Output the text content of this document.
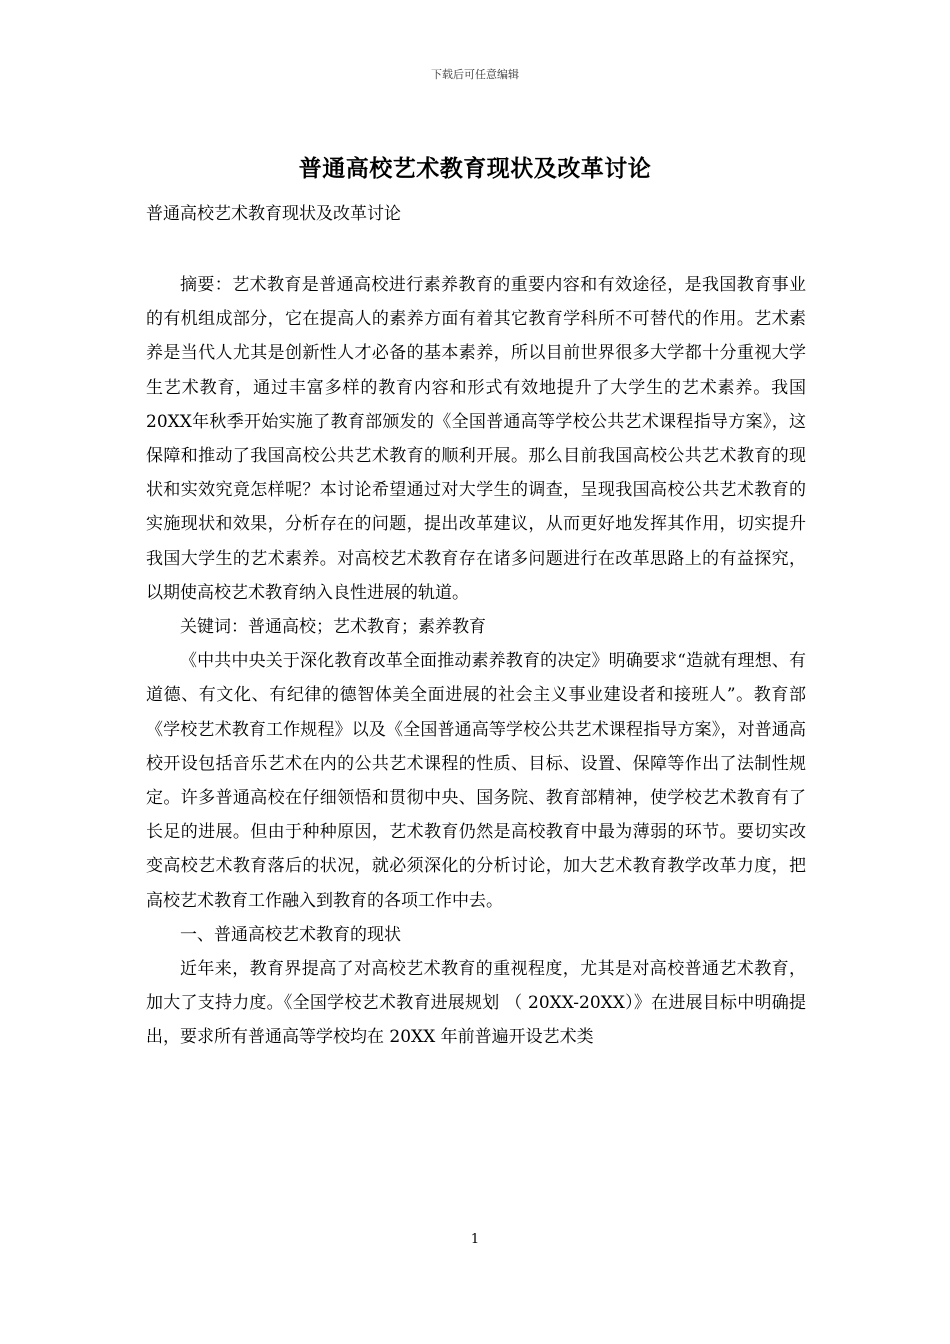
下载后可任意编辑
普通高校艺术教育现状及改革讨论

普通高校艺术教育现状及改革讨论

摘要：艺术教育是普通高校进行素养教育的重要内容和有效途径，是我国教育事业的有机组成部分，它在提高人的素养方面有着其它教育学科所不可替代的作用。艺术素养是当代人尤其是创新性人才必备的基本素养，所以目前世界很多大学都十分重视大学生艺术教育，通过丰富多样的教育内容和形式有效地提升了大学生的艺术素养。我国 20XX年秋季开始实施了教育部颁发的《全国普通高等学校公共艺术课程指导方案》，这保障和推动了我国高校公共艺术教育的顺利开展。那么目前我国高校公共艺术教育的现状和实效究竟怎样呢？本讨论希望通过对大学生的调查，呈现我国高校公共艺术教育的实施现状和效果，分析存在的问题，提出改革建议，从而更好地发挥其作用，切实提升我国大学生的艺术素养。对高校艺术教育存在诸多问题进行在改革思路上的有益探究，以期使高校艺术教育纳入良性进展的轨道。

关键词：普通高校；艺术教育；素养教育

《中共中央关于深化教育改革全面推动素养教育的决定》明确要求“造就有理想、有道德、有文化、有纪律的德智体美全面进展的社会主义事业建设者和接班人”。教育部《学校艺术教育工作规程》以及《全国普通高等学校公共艺术课程指导方案》，对普通高校开设包括音乐艺术在内的公共艺术课程的性质、目标、设置、保障等作出了法制性规定。许多普通高校在仔细领悟和贯彻中央、国务院、教育部精神，使学校艺术教育有了长足的进展。但由于种种原因，艺术教育仍然是高校教育中最为薄弱的环节。要切实改变高校艺术教育落后的状况，就必须深化的分析讨论，加大艺术教育教学改革力度，把高校艺术教育工作融入到教育的各项工作中去。

一、普通高校艺术教育的现状

近年来，教育界提高了对高校艺术教育的重视程度，尤其是对高校普通艺术教育，加大了支持力度。《全国学校艺术教育进展规划 （ 20XX-20XX）》在进展目标中明确提出，要求所有普通高等学校均在 20XX 年前普遍开设艺术类

1
